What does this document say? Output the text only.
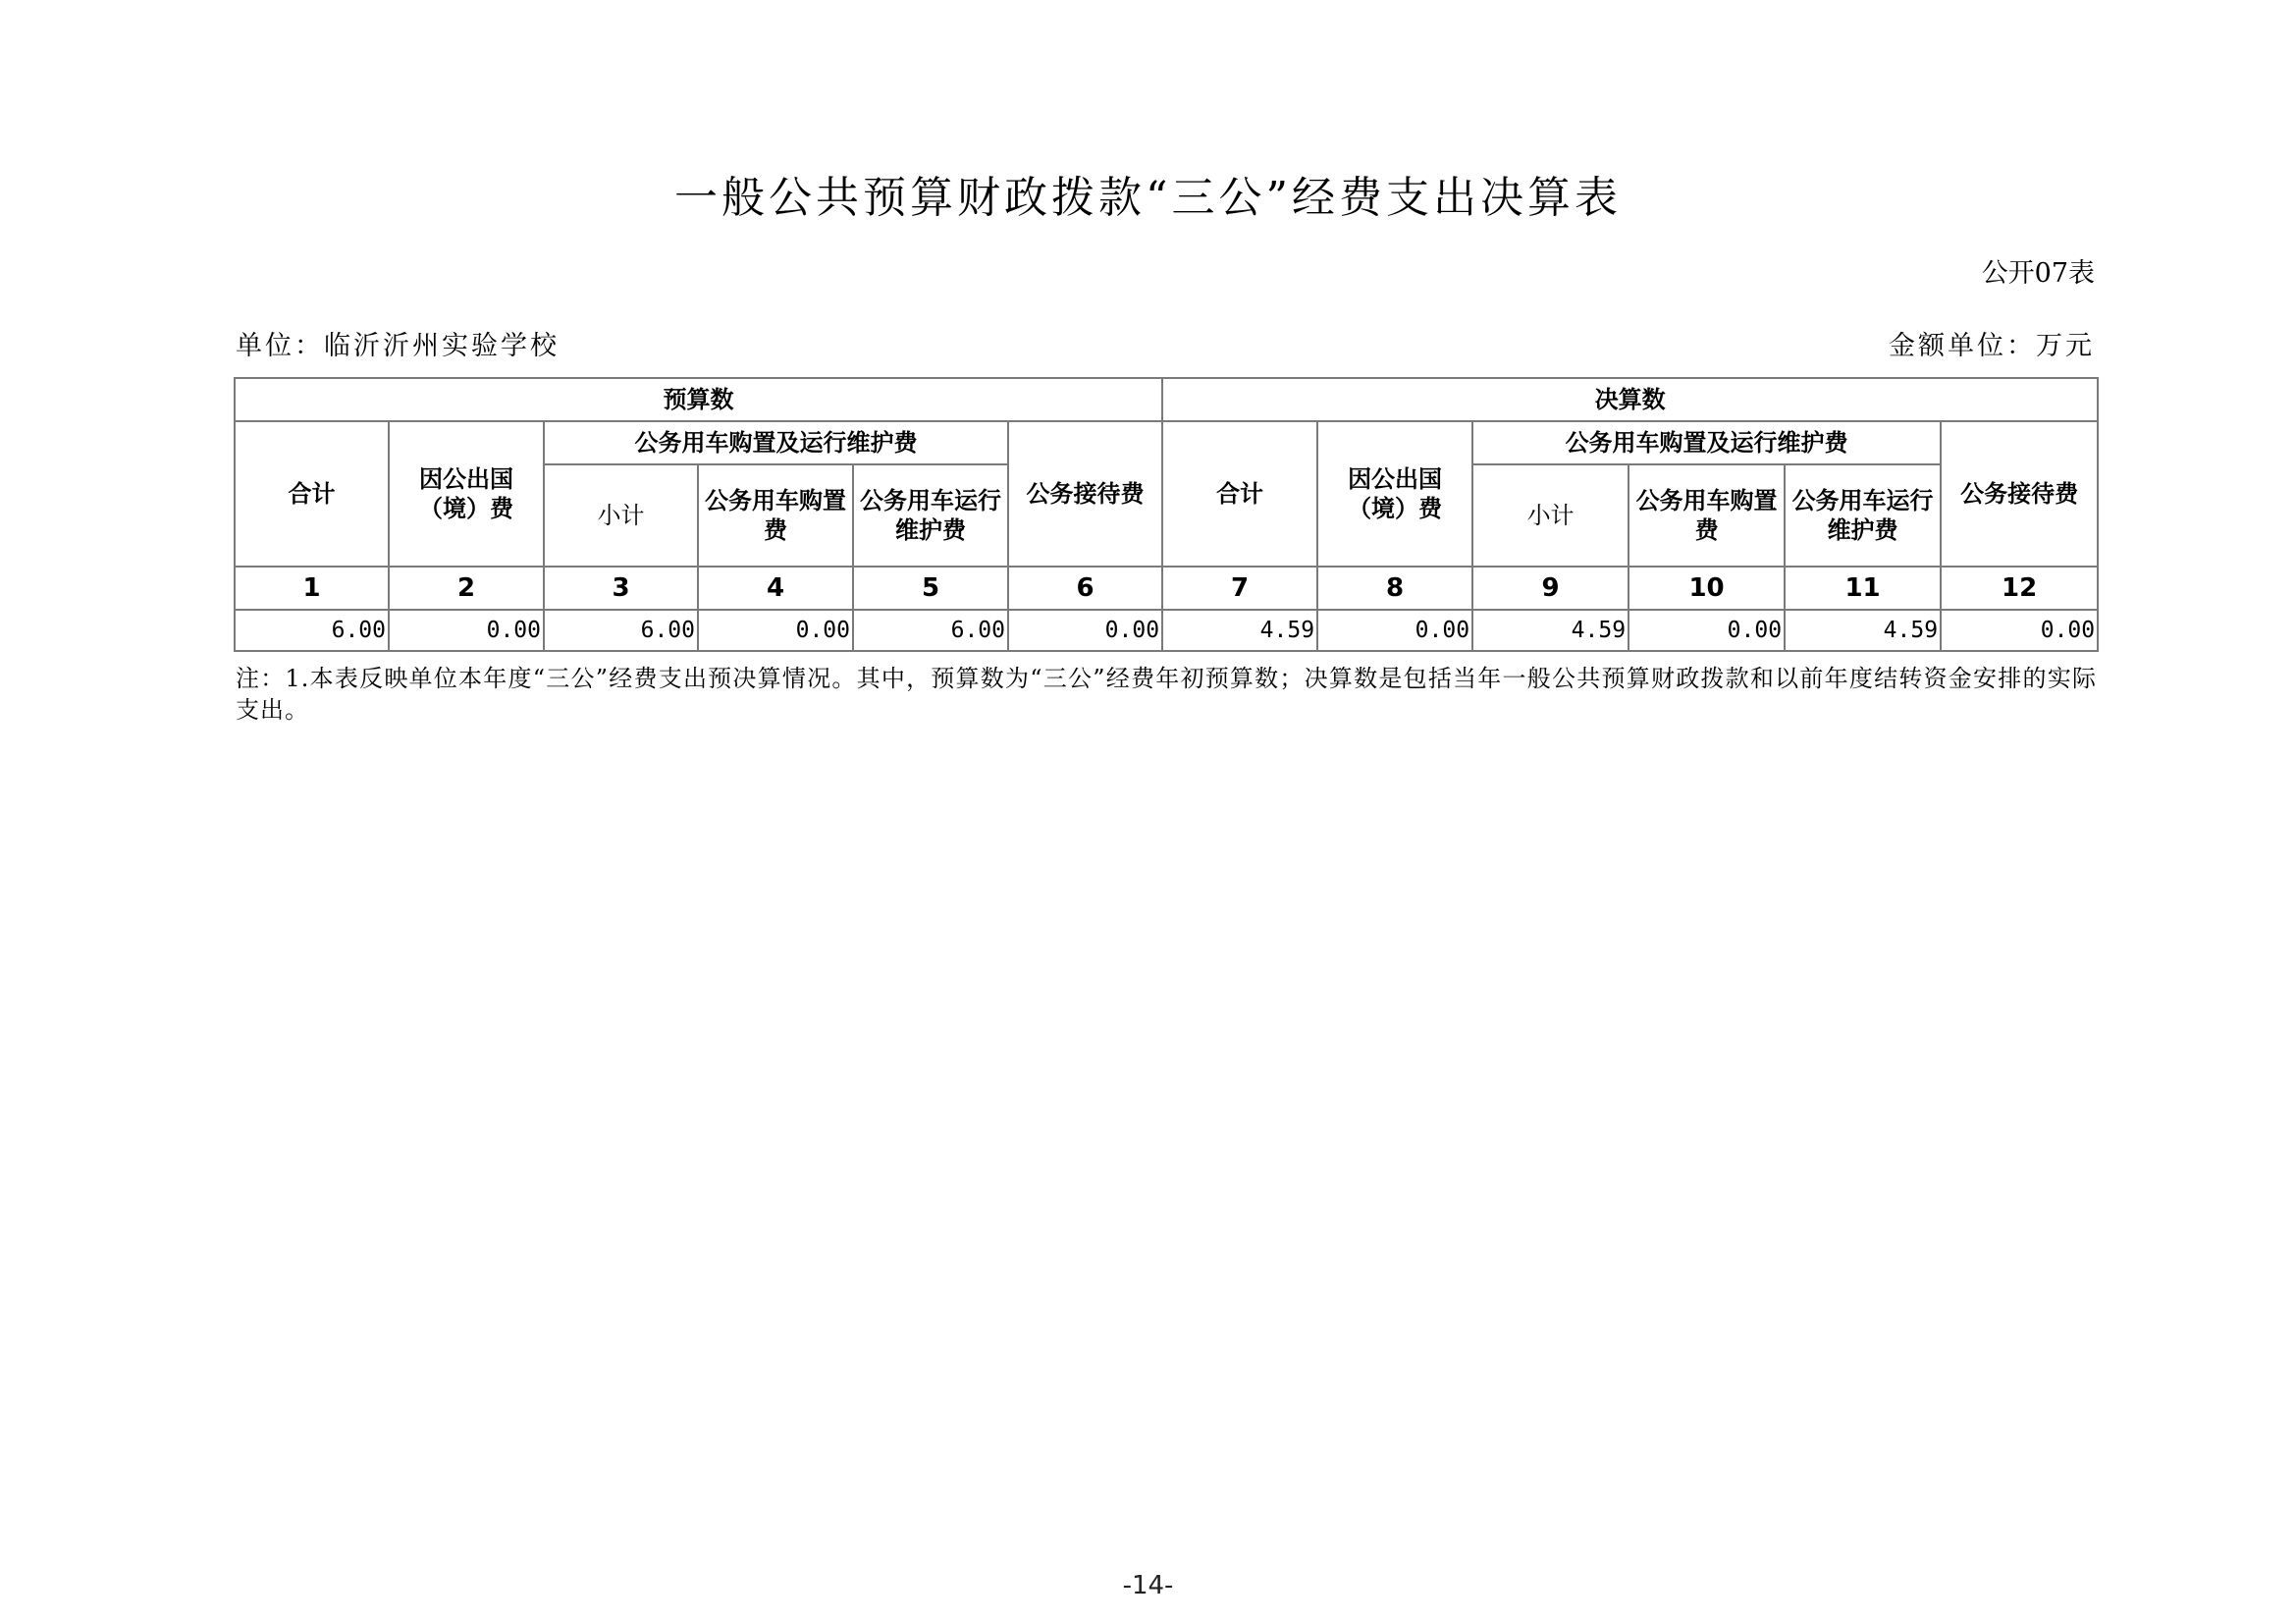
一般公共预算财政拨款“三公”经费支出决算表
公开07表
单位：临沂沂州实验学校	金额单位：万元
预算数						决算数					
合计	因公出国（境）费	公务用车购置及运行维护费			公务接待费	合计	因公出国（境）费	公务用车购置及运行维护费			公务接待费
		小计	公务用车购置费	公务用车运行维护费				小计	公务用车购置费	公务用车运行维护费	
1	2	3	4	5	6	7	8	9	10	11	12
6.00	0.00	6.00	0.00	6.00	0.00	4.59	0.00	4.59	0.00	4.59	0.00
注：1.本表反映单位本年度“三公”经费支出预决算情况。其中，预算数为“三公”经费年初预算数；决算数是包括当年一般公共预算财政拨款和以前年度结转资金安排的实际支出。
-14-
